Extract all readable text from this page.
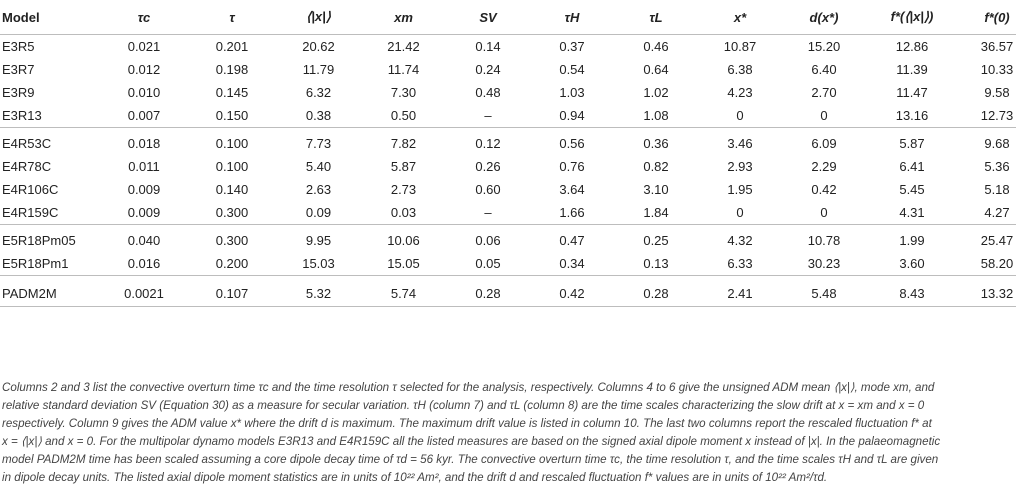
Model	τc	τ	⟨|x|⟩	xm	SV	τH	τL	x*	d(x*)	f*(⟨|x|⟩)	f*(0)
E3R5	0.021	0.201	20.62	21.42	0.14	0.37	0.46	10.87	15.20	12.86	36.57
E3R7	0.012	0.198	11.79	11.74	0.24	0.54	0.64	6.38	6.40	11.39	10.33
E3R9	0.010	0.145	6.32	7.30	0.48	1.03	1.02	4.23	2.70	11.47	9.58
E3R13	0.007	0.150	0.38	0.50	–	0.94	1.08	0	0	13.16	12.73
E4R53C	0.018	0.100	7.73	7.82	0.12	0.56	0.36	3.46	6.09	5.87	9.68
E4R78C	0.011	0.100	5.40	5.87	0.26	0.76	0.82	2.93	2.29	6.41	5.36
E4R106C	0.009	0.140	2.63	2.73	0.60	3.64	3.10	1.95	0.42	5.45	5.18
E4R159C	0.009	0.300	0.09	0.03	–	1.66	1.84	0	0	4.31	4.27
E5R18Pm05	0.040	0.300	9.95	10.06	0.06	0.47	0.25	4.32	10.78	1.99	25.47
E5R18Pm1	0.016	0.200	15.03	15.05	0.05	0.34	0.13	6.33	30.23	3.60	58.20
PADM2M	0.0021	0.107	5.32	5.74	0.28	0.42	0.28	2.41	5.48	8.43	13.32

Columns 2 and 3 list the convective overturn time τc and the time resolution τ selected for the analysis, respectively. Columns 4 to 6 give the unsigned ADM mean ⟨|x|⟩, mode xm, and

relative standard deviation SV (Equation 30) as a measure for secular variation. τH (column 7) and τL (column 8) are the time scales characterizing the slow drift at x = xm and x = 0

respectively. Column 9 gives the ADM value x* where the drift d is maximum. The maximum drift value is listed in column 10. The last two columns report the rescaled fluctuation f* at

x = ⟨|x|⟩ and x = 0. For the multipolar dynamo models E3R13 and E4R159C all the listed measures are based on the signed axial dipole moment x instead of |x|. In the palaeomagnetic

model PADM2M time has been scaled assuming a core dipole decay time of τd = 56 kyr. The convective overturn time τc, the time resolution τ, and the time scales τH and τL are given

in dipole decay units. The listed axial dipole moment statistics are in units of 10²² Am², and the drift d and rescaled fluctuation f* values are in units of 10²² Am²/τd.
